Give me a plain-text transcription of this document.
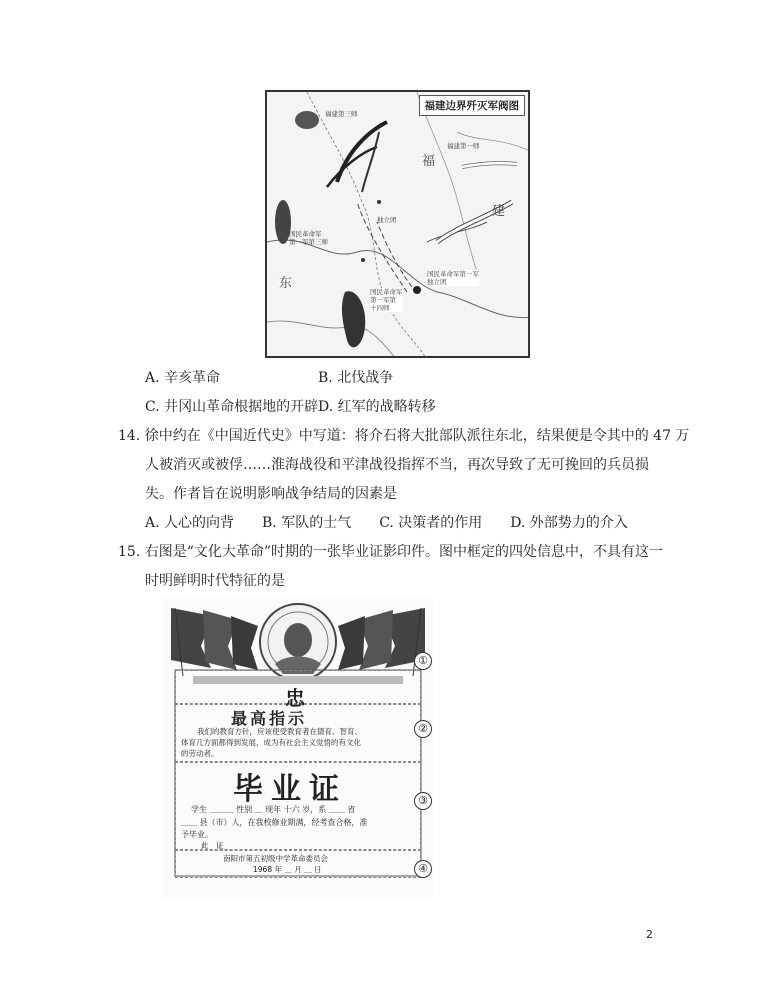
福建边界歼灭军阀图
福
建
东
福建第三师
福建第一师
国民革命军
第一军第三师
独立团
国民革命军第一军
独立团
国民革命军
第一军第
十四师
A. 辛亥革命	B. 北伐战争
C. 井冈山革命根据地的开辟 D. 红军的战略转移
14. 徐中约在《中国近代史》中写道：将介石将大批部队派往东北，结果便是令其中的 47 万
人被消灭或被俘……淮海战役和平津战役指挥不当，再次导致了无可挽回的兵员损
失。作者旨在说明影响战争结局的因素是
A. 人心的向背　　B. 军队的士气　　C. 决策者的作用　　D. 外部势力的介入
15. 右图是“文化大革命”时期的一张毕业证影印件。图中框定的四处信息中，不具有这一
时明鲜明时代特征的是
忠
最高指示
我们的教育方针，应该使受教育者在德育、智育、
体育几方面都得到发展，成为有社会主义觉悟的有文化
的劳动者。
毕业证
学生 ＿＿＿ 性别 ＿ 现年 十六 岁，系 ＿＿ 省
＿＿ 县（市）人，在我校修业期满，经考查合格，准
予毕业。
此　证
南阳市第五初级中学革命委员会
1968 年 ＿ 月 ＿ 日
①
②
③
④
2
